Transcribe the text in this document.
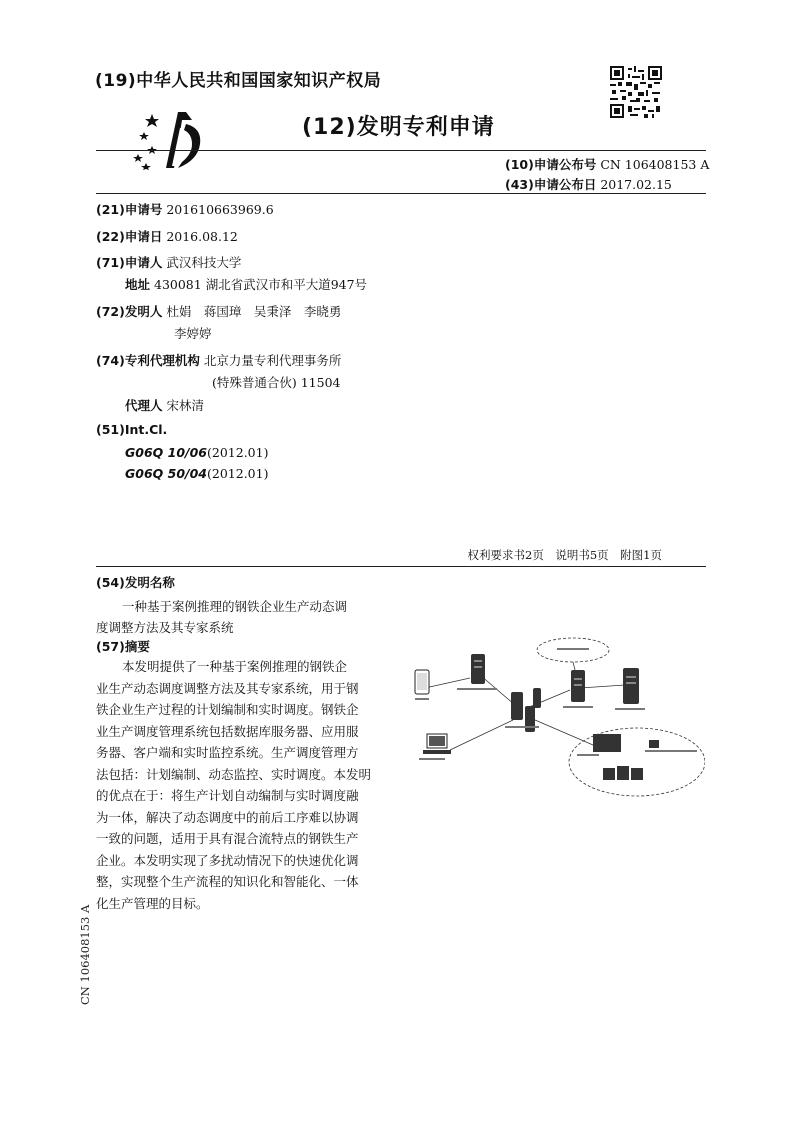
(19)中华人民共和国国家知识产权局
(12)发明专利申请
(10)申请公布号 CN 106408153 A
(43)申请公布日 2017.02.15
(21)申请号 201610663969.6
(22)申请日 2016.08.12
(71)申请人 武汉科技大学
地址 430081 湖北省武汉市和平大道947号
(72)发明人 杜娟　蒋国璋　吴秉泽　李晓勇
李婷婷
(74)专利代理机构 北京力量专利代理事务所
(特殊普通合伙) 11504
代理人 宋林清
(51)Int.Cl.
G06Q 10/06(2012.01)
G06Q 50/04(2012.01)
权利要求书2页　说明书5页　附图1页
(54)发明名称
一种基于案例推理的钢铁企业生产动态调
度调整方法及其专家系统
(57)摘要
本发明提供了一种基于案例推理的钢铁企
业生产动态调度调整方法及其专家系统，用于钢
铁企业生产过程的计划编制和实时调度。钢铁企
业生产调度管理系统包括数据库服务器、应用服
务器、客户端和实时监控系统。生产调度管理方
法包括：计划编制、动态监控、实时调度。本发明
的优点在于：将生产计划自动编制与实时调度融
为一体，解决了动态调度中的前后工序难以协调
一致的问题，适用于具有混合流特点的钢铁生产
企业。本发明实现了多扰动情况下的快速优化调
整，实现整个生产流程的知识化和智能化、一体
化生产管理的目标。
CN 106408153 A
